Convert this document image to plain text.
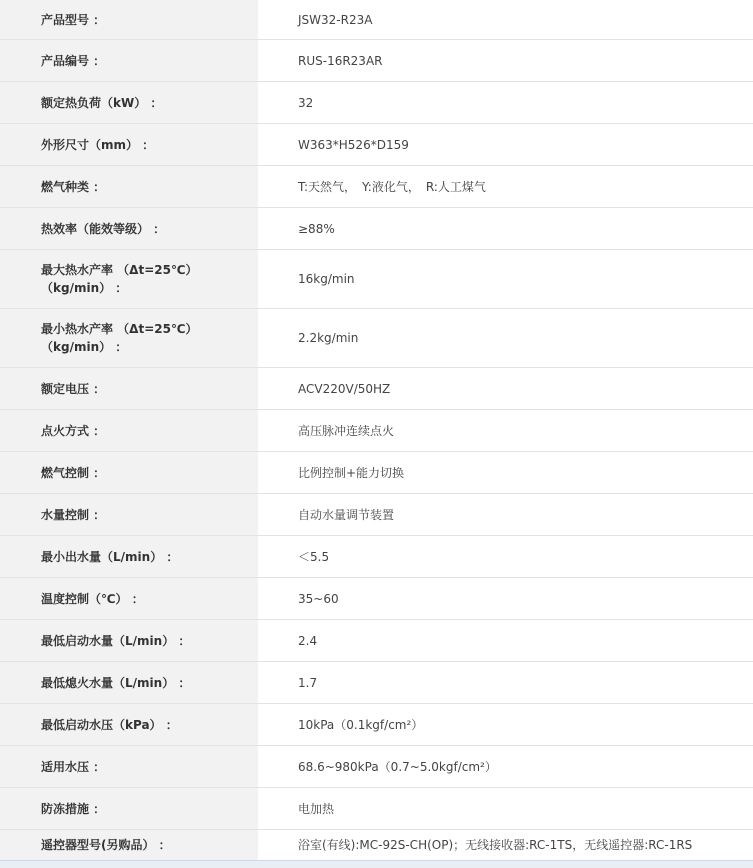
产品型号 ：	JSW32-R23A

产品编号 ：	RUS-16R23AR

额定热负荷（kW） ：	32

外形尺寸（mm） ：	W363*H526*D159

燃气种类 ：	T:天然气，　Y:液化气，　R:人工煤气

热效率（能效等级） ：	≥88%

最大热水产率 （Δt=25℃）
（kg/min） ：	16kg/min

最小热水产率 （Δt=25℃）
（kg/min） ：	2.2kg/min

额定电压 ：	ACV220V/50HZ

点火方式 ：	高压脉冲连续点火

燃气控制 ：	比例控制+能力切换

水量控制 ：	自动水量调节装置

最小出水量（L/min） ：	＜5.5

温度控制（℃） ：	35~60

最低启动水量（L/min） ：	2.4

最低熄火水量（L/min） ：	1.7

最低启动水压（kPa） ：	10kPa（0.1kgf/cm²）

适用水压 ：	68.6~980kPa（0.7~5.0kgf/cm²）

防冻措施 ：	电加热

遥控器型号(另购品） ：	浴室(有线):MC-92S-CH(OP)；无线接收器:RC-1TS，无线遥控器:RC-1RS
